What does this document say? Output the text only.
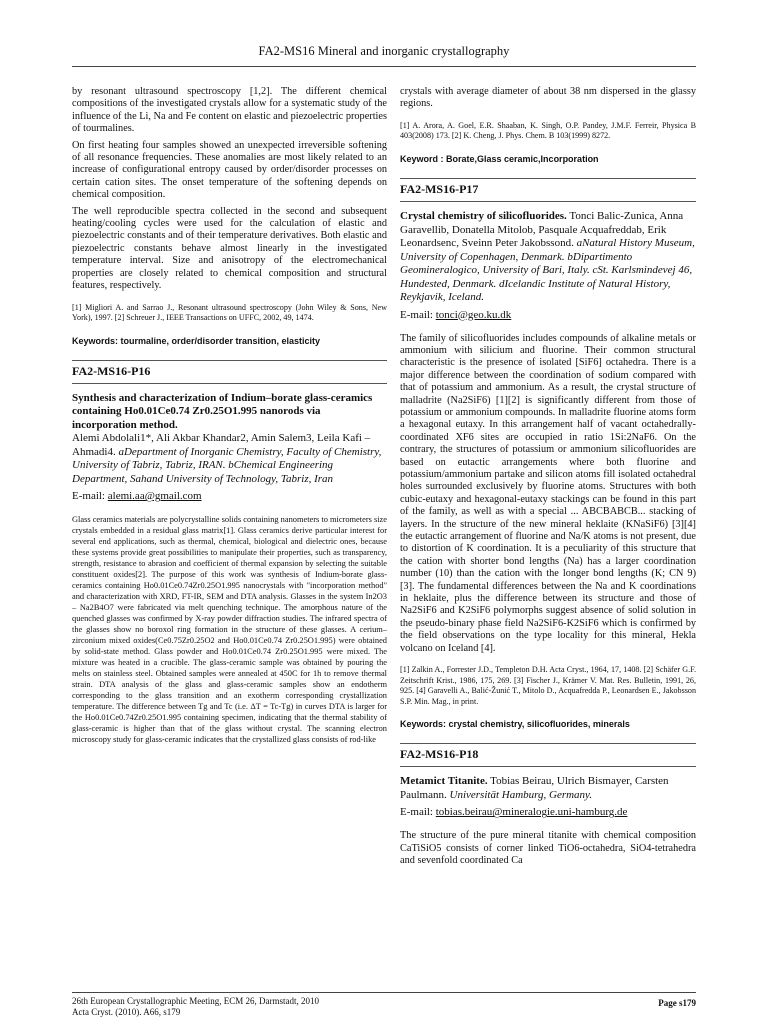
FA2-MS16 Mineral and inorganic crystallography

by resonant ultrasound spectroscopy [1,2]. The different chemical compositions of the investigated crystals allow for a systematic study of the influence of the Li, Na and Fe content on elastic and piezoelectric properties of tourmalines.

On first heating four samples showed an unexpected irreversible softening of all resonance frequencies. These anomalies are most likely related to an increase of configurational entropy caused by order/disorder processes on certain cation sites. The onset temperature of the softening depends on chemical composition.

The well reproducible spectra collected in the second and subsequent heating/cooling cycles were used for the calculation of elastic and piezoelectric constants and of their temperature derivatives. Both elastic and piezoelectric constants behave almost linearly in the investigated temperature interval. Size and anisotropy of the electromechanical properties are closely related to chemical composition and structural features, respectively.

[1] Migliori A. and Sarrao J., Resonant ultrasound spectroscopy (John Wiley & Sons, New York), 1997. [2] Schreuer J., IEEE Transactions on UFFC, 2002, 49, 1474.

Keywords: tourmaline, order/disorder transition, elasticity

FA2-MS16-P16
Synthesis and characterization of Indium–borate glass-ceramics containing Ho0.01Ce0.74 Zr0.25O1.995 nanorods via incorporation method.
Alemi Abdolali1*, Ali Akbar Khandar2, Amin Salem3, Leila Kafi –Ahmadi4. aDepartment of Inorganic Chemistry, Faculty of Chemistry, University of Tabriz, Tabriz, IRAN. bChemical Engineering Department, Sahand University of Technology, Tabriz, Iran
E-mail: alemi.aa@gmail.com

Glass ceramics materials are polycrystalline solids containing nanometers to micrometers size crystals embedded in a residual glass matrix[1]. Glass ceramics derive particular interest for several end applications, such as thermal, chemical, biological and dielectric ones, because these systems provide great possibilities to manipulate their properties, such as transparency, strength, resistance to abrasion and coefficient of thermal expansion by selecting the suitable constituent oxides[2]. The purpose of this work was synthesis of Indium-borate glass-ceramics containing Ho0.01Ce0.74Zr0.25O1.995 nanocrystals with "incorporation method" and characterization with XRD, FT-IR, SEM and DTA analysis. Glasses in the system In2O3 – Na2B4O7 were fabricated via melt quenching technique. The amorphous nature of the quenched glasses was confirmed by X-ray powder diffraction studies. The infrared spectra of the glasses show no boroxol ring formation in the structure of these glasses. A cerium–zirconium mixed oxides(Ce0.75Zr0.25O2 and Ho0.01Ce0.74 Zr0.25O1.995) were obtained by solid-state method. Glass powder and Ho0.01Ce0.74 Zr0.25O1.995 were mixed. The mixture was heated in a crucible. The glass-ceramic sample was obtained by pouring the melts on stainless steel. Obtained samples were annealed at 450C for 1h to remove thermal strain. DTA analysis of the glass and glass-ceramic samples show an endotherm corresponding to the glass transition and an exotherm corresponding crystallization temperature. The difference between Tg and Tc (i.e. ΔT = Tc-Tg) in curves DTA is larger for the Ho0.01Ce0.74Zr0.25O1.995 containing specimen, indicating that the thermal stability of glass-ceramic is higher than that of the glass without crystal. The scanning electron microscopy study for glass-ceramic indicates that the crystallized glass consists of rod-like

crystals with average diameter of about 38 nm dispersed in the glassy regions.

[1] A. Arora, A. Goel, E.R. Shaaban, K. Singh, O.P. Pandey, J.M.F. Ferreir, Physica B 403(2008) 173. [2] K. Cheng, J. Phys. Chem. B 103(1999) 8272.

Keyword : Borate,Glass ceramic,Incorporation

FA2-MS16-P17
Crystal chemistry of silicofluorides. Tonci Balic-Zunica, Anna Garavellib, Donatella Mitolob, Pasquale Acquafreddab, Erik Leonardsenc, Sveinn Peter Jakobssond. aNatural History Museum, University of Copenhagen, Denmark. bDipartimento Geomineralogico, University of Bari, Italy. cSt. Karlsmindevej 46, Hundested, Denmark. dIcelandic Institute of Natural History, Reykjavik, Iceland.
E-mail: tonci@geo.ku.dk

The family of silicofluorides includes compounds of alkaline metals or ammonium with silicium and fluorine. Their common structural characteristic is the presence of isolated [SiF6] octahedra. There is a major difference between the coordination of sodium compared with that of potassium and ammonium. As a result, the crystal structure of malladrite (Na2SiF6) [1][2] is significantly different from those of potassium or ammonium compounds. In malladrite fluorine atoms form a hexagonal eutaxy. In this arrangement half of vacant octahedrally-coordinated XF6 sites are occupied in ratio 1Si:2NaF6. On the contrary, the structures of potassium or ammonium silicofluorides are based on eutactic arrangements where both fluorine and potassium/ammonium partake and silicon atoms fill isolated octahedral holes surrounded exclusively by fluorine atoms. Structures with both cubic-eutaxy and hexagonal-eutaxy stackings can be found in this part of the family, as well as with a special ... ABCBABCB... stacking of layers. In the structure of the new mineral heklaite (KNaSiF6) [3][4] the eutactic arrangement of fluorine and Na/K atoms is not present, due to distortion of K coordination. It is a peculiarity of this structure that the cation with shorter bond lengths (Na) has a larger coordination number (10) than the cation with the longer bond lengths (K; CN 9) [3]. The fundamental differences between the Na and K coordinations in heklaite, plus the difference between its structure and those of Na2SiF6 and K2SiF6 polymorphs suggest absence of solid solution in the pseudo-binary phase field Na2SiF6-K2SiF6 which is confirmed by the field observations on the type locality for this mineral, Hekla volcano on Iceland [4].

[1] Zalkin A., Forrester J.D., Templeton D.H. Acta Cryst., 1964, 17, 1408. [2] Schäfer G.F. Zeitschrift Krist., 1986, 175, 269. [3] Fischer J., Krämer V. Mat. Res. Bulletin, 1991, 26, 925. [4] Garavelli A., Balić-Žunić T., Mitolo D., Acquafredda P., Leonardsen E., Jakobsson S.P. Min. Mag., in print.

Keywords: crystal chemistry, silicofluorides, minerals

FA2-MS16-P18
Metamict Titanite. Tobias Beirau, Ulrich Bismayer, Carsten Paulmann. Universität Hamburg, Germany.
E-mail: tobias.beirau@mineralogie.uni-hamburg.de

The structure of the pure mineral titanite with chemical composition CaTiSiO5 consists of corner linked TiO6-octahedra, SiO4-tetrahedra and sevenfold coordinated Ca

26th European Crystallographic Meeting, ECM 26, Darmstadt, 2010
Acta Cryst. (2010). A66, s179
Page s179
